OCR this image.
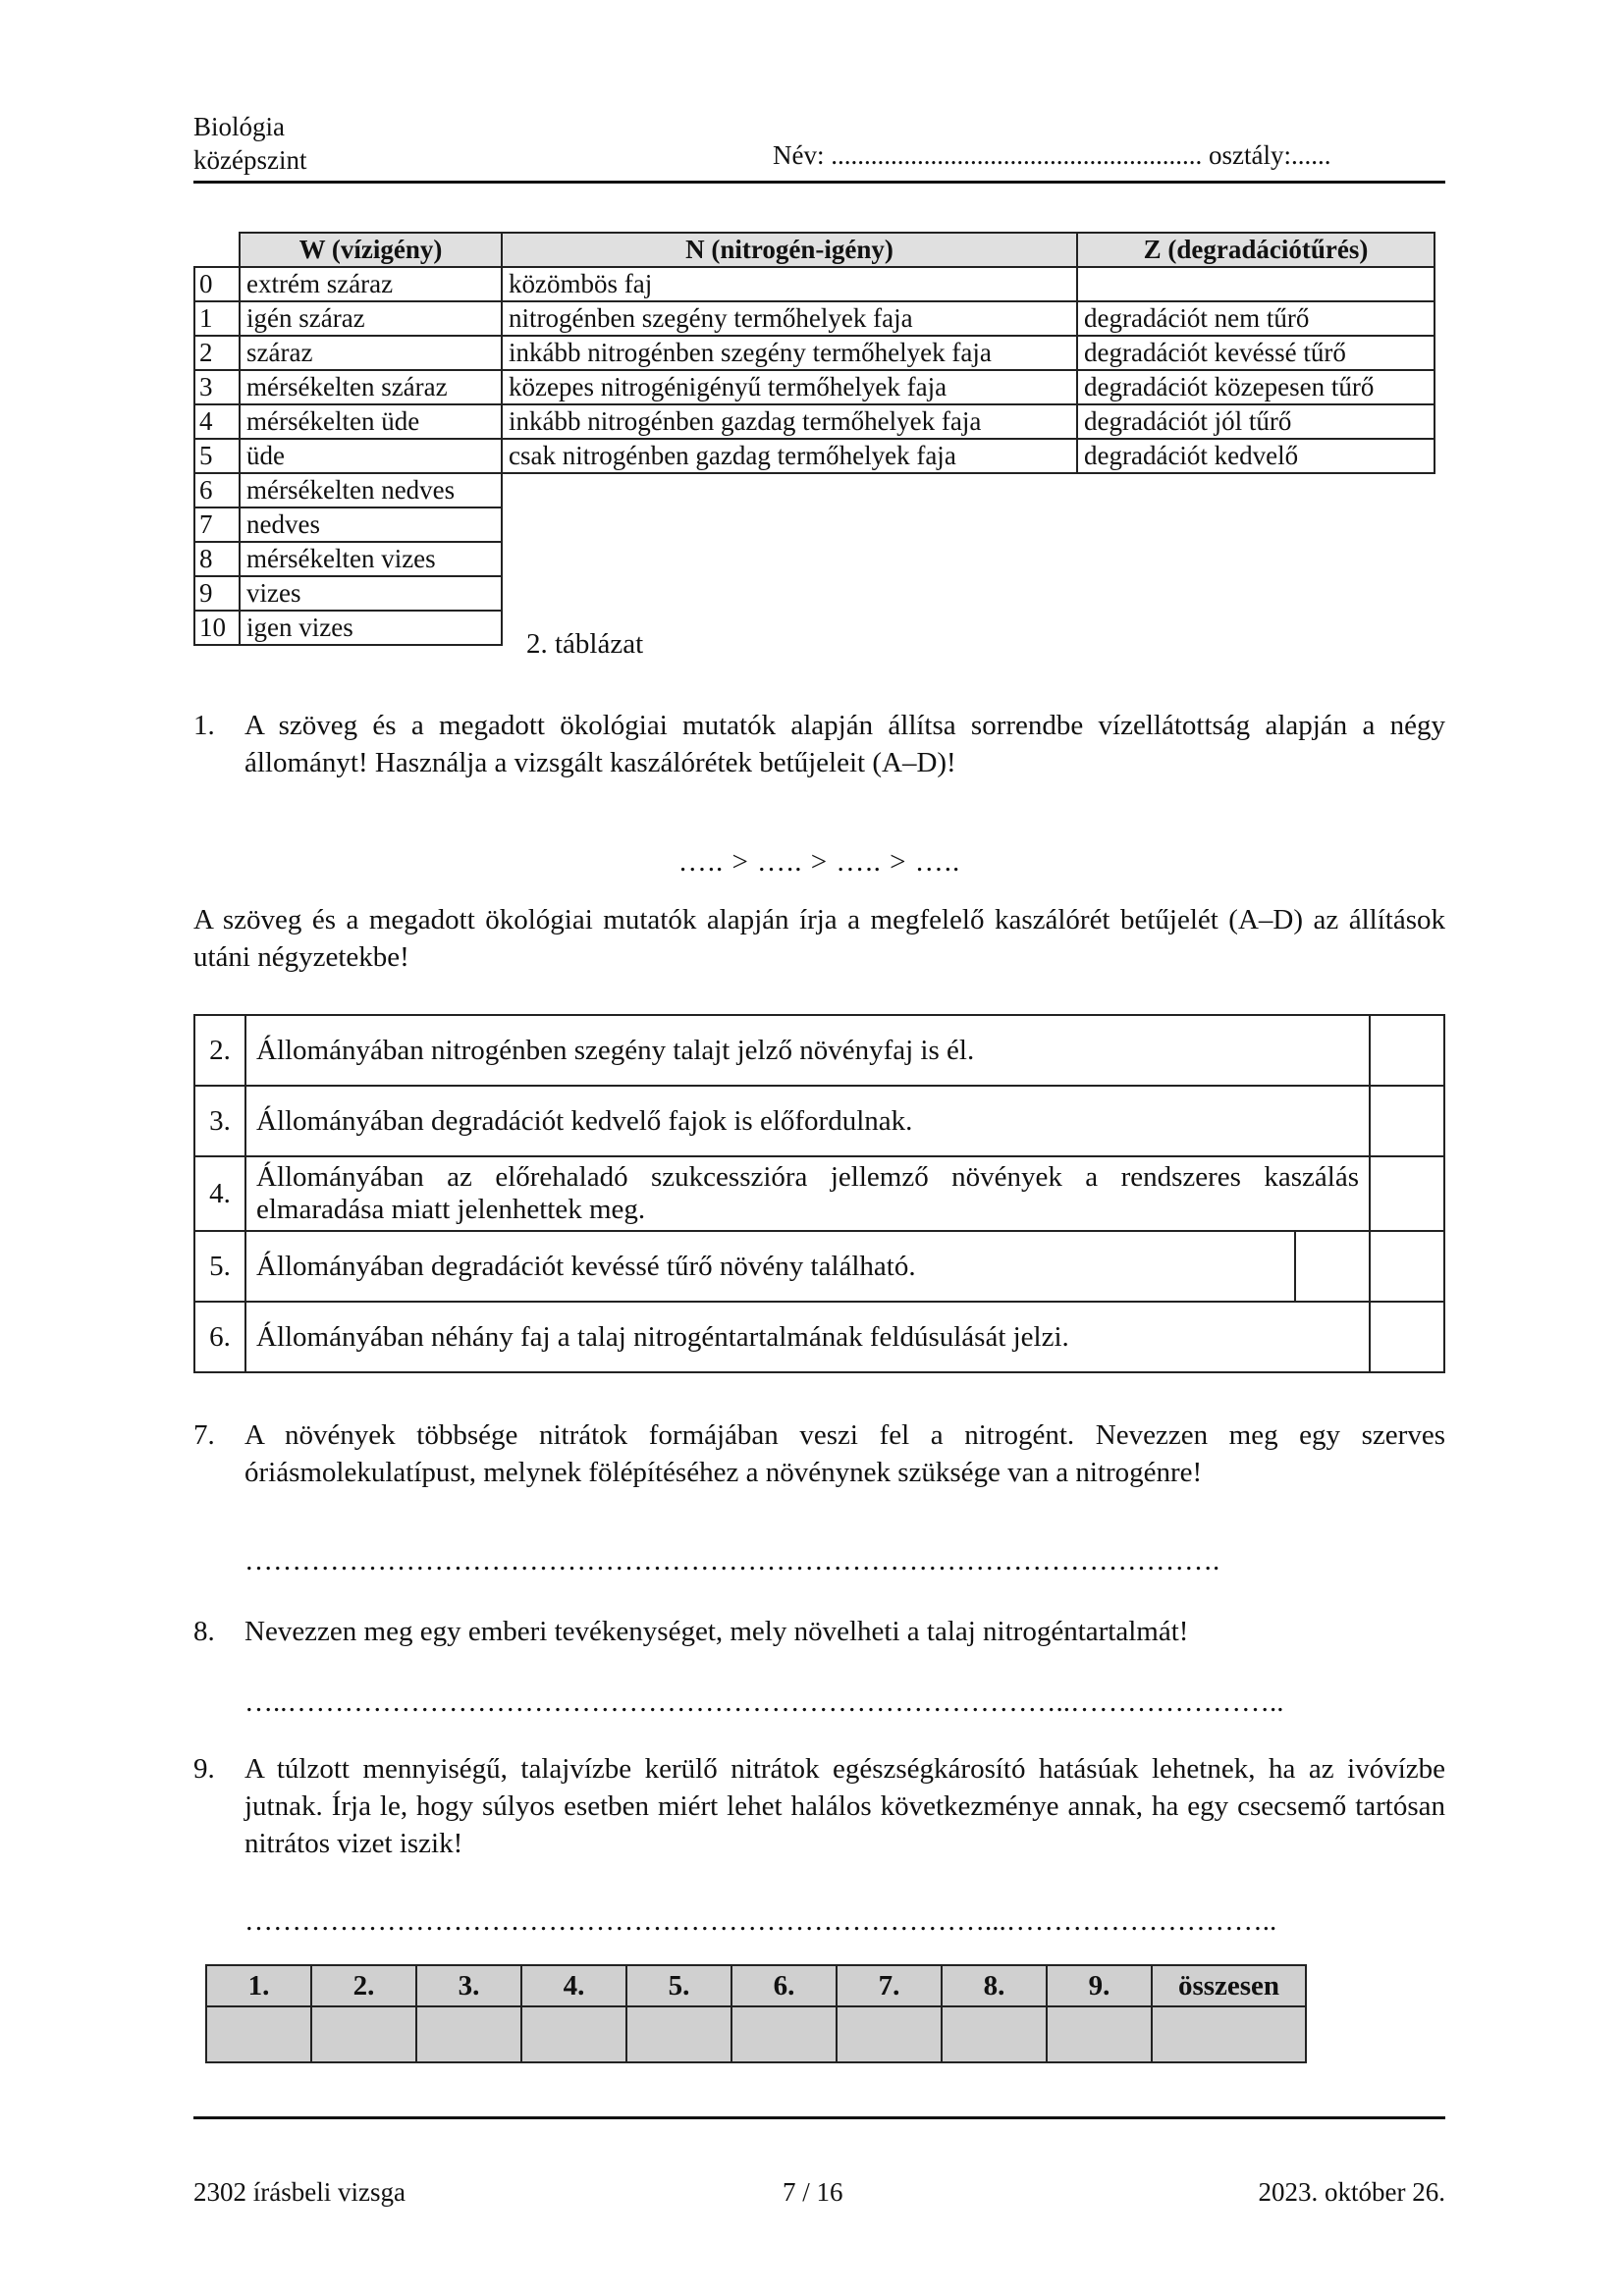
Biológia
középszint	Név: ........................................................ osztály:......
	W (vízigény)	N (nitrogén-igény)	Z (degradációtűrés)
0	extrém száraz	közömbös faj	
1	igén száraz	nitrogénben szegény termőhelyek faja	degradációt nem tűrő
2	száraz	inkább nitrogénben szegény termőhelyek faja	degradációt kevéssé tűrő
3	mérsékelten száraz	közepes nitrogénigényű termőhelyek faja	degradációt közepesen tűrő
4	mérsékelten üde	inkább nitrogénben gazdag termőhelyek faja	degradációt jól tűrő
5	üde	csak nitrogénben gazdag termőhelyek faja	degradációt kedvelő
6	mérsékelten nedves		
7	nedves		
8	mérsékelten vizes		
9	vizes		
10	igen vizes		
2. táblázat
1. A szöveg és a megadott ökológiai mutatók alapján állítsa sorrendbe vízellátottság alapján a négy állományt! Használja a vizsgált kaszálórétek betűjeleit (A–D)!
….. > ….. > ….. > …..
A szöveg és a megadott ökológiai mutatók alapján írja a megfelelő kaszálórét betűjelét (A–D) az állítások utáni négyzetekbe!
2.	Állományában nitrogénben szegény talajt jelző növényfaj is él.		
3.	Állományában degradációt kedvelő fajok is előfordulnak.		
4.	Állományában az előrehaladó szukcesszióra jellemző növények a rendszeres kaszálás elmaradása miatt jelenhettek meg.		
5.	Állományában degradációt kevéssé tűrő növény található.		
6.	Állományában néhány faj a talaj nitrogéntartalmának feldúsulását jelzi.		
7. A növények többsége nitrátok formájában veszi fel a nitrogént. Nevezzen meg egy szerves óriásmolekulatípust, melynek fölépítéséhez a növénynek szüksége van a nitrogénre!
………………………………………………………………………………………….
8. Nevezzen meg egy emberi tevékenységet, mely növelheti a talaj nitrogéntartalmát!
…..………………………………………………………………………..…………………..
9. A túlzott mennyiségű, talajvízbe kerülő nitrátok egészségkárosító hatásúak lehetnek, ha az ivóvízbe jutnak. Írja le, hogy súlyos esetben miért lehet halálos következménye annak, ha egy csecsemő tartósan nitrátos vizet iszik!
……………………………………………………………………...………………………..
1.	2.	3.	4.	5.	6.	7.	8.	9.	összesen

2302 írásbeli vizsga	7 / 16	2023. október 26.
